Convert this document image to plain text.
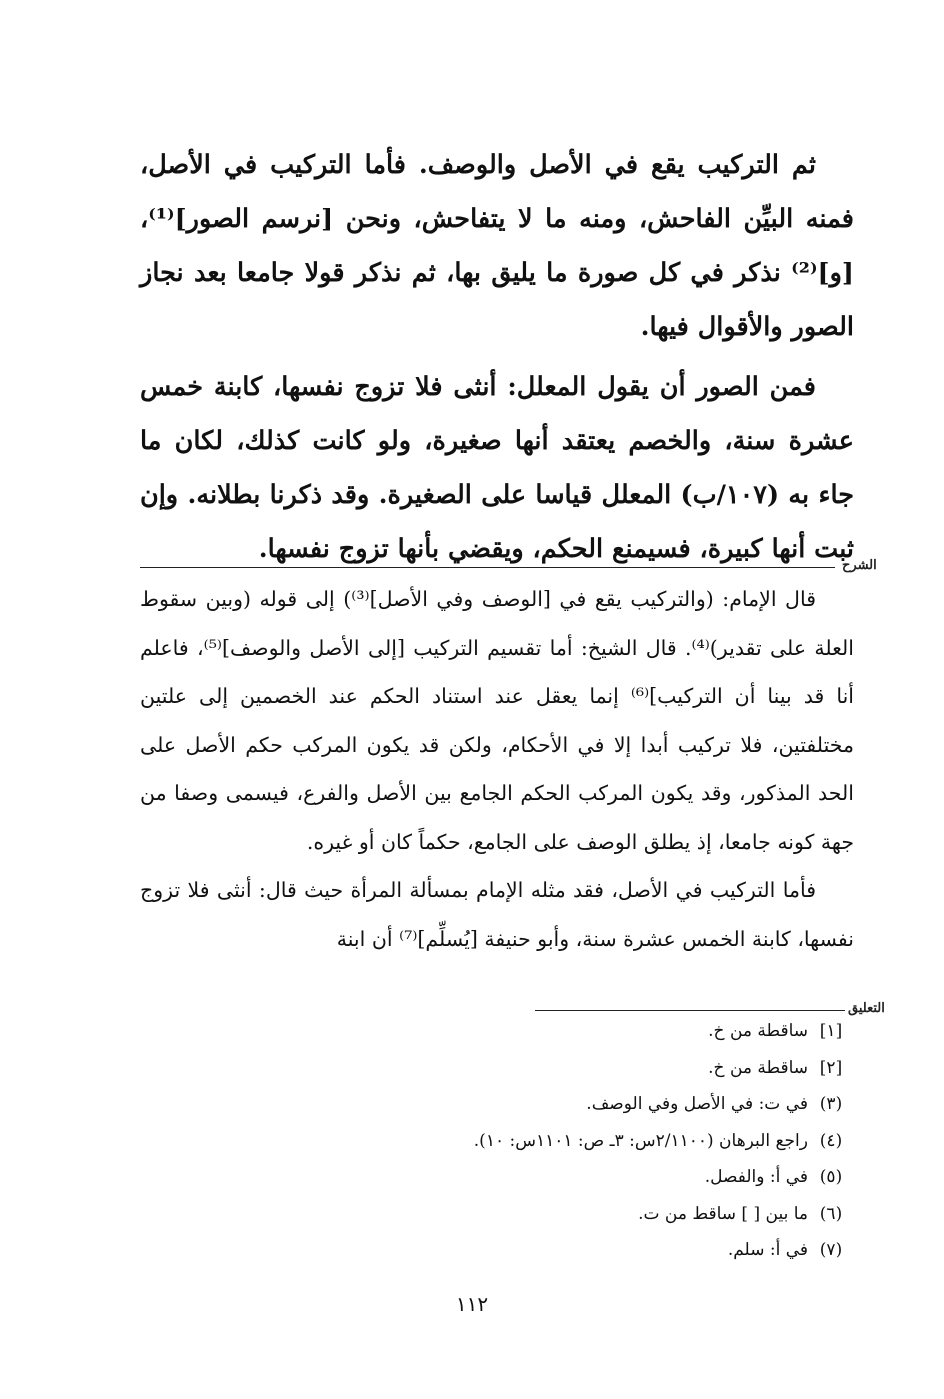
ثم التركيب يقع في الأصل والوصف. فأما التركيب في الأصل، فمنه البيِّن الفاحش، ومنه ما لا يتفاحش، ونحن [نرسم الصور]⁽¹⁾، [و]⁽²⁾ نذكر في كل صورة ما يليق بها، ثم نذكر قولا جامعا بعد نجاز الصور والأقوال فيها.

فمن الصور أن يقول المعلل: أنثى فلا تزوج نفسها، كابنة خمس عشرة سنة، والخصم يعتقد أنها صغيرة، ولو كانت كذلك، لكان ما جاء به (١٠٧/ب) المعلل قياسا على الصغيرة. وقد ذكرنا بطلانه. وإن ثبت أنها كبيرة، فسيمنع الحكم، ويقضي بأنها تزوج نفسها.

الشرح

قال الإمام: (والتركيب يقع في [الوصف وفي الأصل]⁽³⁾) إلى قوله (وبين سقوط العلة على تقدير)⁽⁴⁾. قال الشيخ: أما تقسيم التركيب [إلى الأصل والوصف]⁽⁵⁾، فاعلم أنا قد بينا أن التركيب]⁽⁶⁾ إنما يعقل عند استناد الحكم عند الخصمين إلى علتين مختلفتين، فلا تركيب أبدا إلا في الأحكام، ولكن قد يكون المركب حكم الأصل على الحد المذكور، وقد يكون المركب الحكم الجامع بين الأصل والفرع، فيسمى وصفا من جهة كونه جامعا، إذ يطلق الوصف على الجامع، حكماً كان أو غيره.

فأما التركيب في الأصل، فقد مثله الإمام بمسألة المرأة حيث قال: أنثى فلا تزوج نفسها، كابنة الخمس عشرة سنة، وأبو حنيفة [يُسلِّم]⁽⁷⁾ أن ابنة

التعليق
[١]
ساقطة من خ.
[٢]
ساقطة من خ.
(٣)
في ت: في الأصل وفي الوصف.
(٤)
راجع البرهان (٢/١١٠٠س: ٣ـ ص: ١١٠١س: ١٠).
(٥)
في أ: والفصل.
(٦)
ما بين [ ] ساقط من ت.
(٧)
في أ: سلم.
١١٢
